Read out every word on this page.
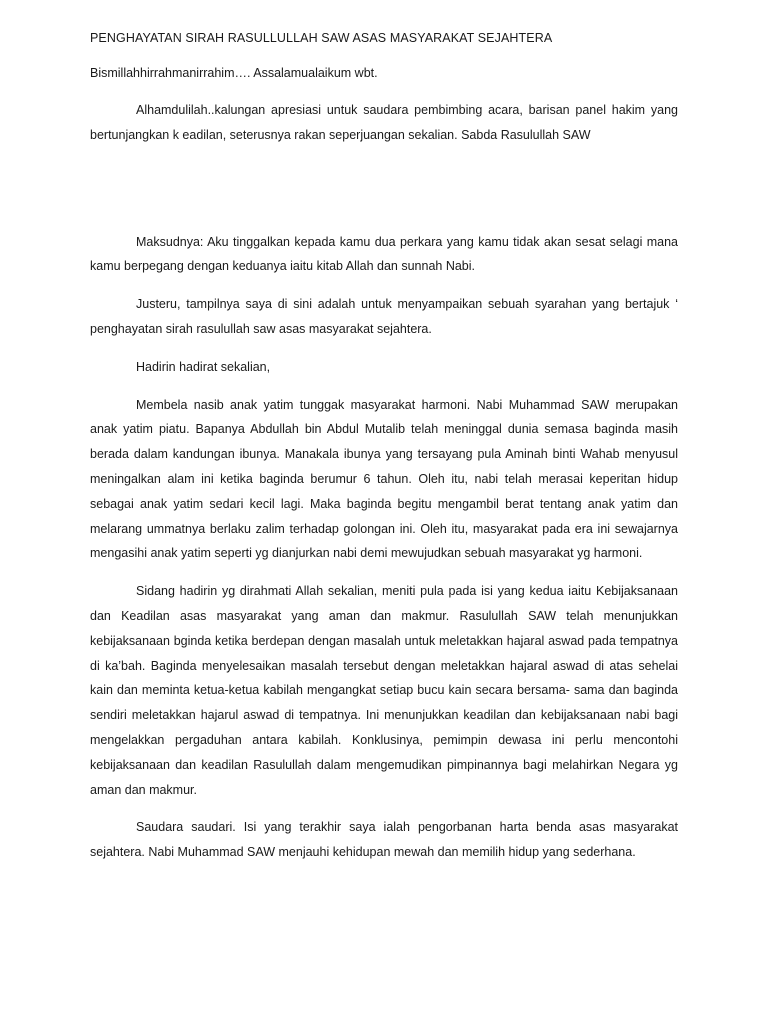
PENGHAYATAN SIRAH RASULLULLAH SAW ASAS MASYARAKAT SEJAHTERA

Bismillahhirrahmanirrahim…. Assalamualaikum wbt.

Alhamdulilah..kalungan apresiasi untuk saudara pembimbing acara, barisan panel hakim yang bertunjangkan k eadilan, seterusnya rakan seperjuangan sekalian. Sabda Rasulullah SAW

Maksudnya: Aku tinggalkan kepada kamu dua perkara yang kamu tidak akan sesat selagi mana kamu berpegang dengan keduanya iaitu kitab Allah dan sunnah Nabi.

Justeru, tampilnya saya di sini adalah untuk menyampaikan sebuah syarahan yang bertajuk ‘ penghayatan sirah rasulullah saw asas masyarakat sejahtera.

Hadirin hadirat sekalian,

Membela nasib anak yatim tunggak masyarakat harmoni. Nabi Muhammad SAW merupakan anak yatim piatu. Bapanya Abdullah bin Abdul Mutalib telah meninggal dunia semasa baginda masih berada dalam kandungan ibunya. Manakala ibunya yang tersayang pula Aminah binti Wahab menyusul meningalkan alam ini ketika baginda berumur 6 tahun. Oleh itu, nabi telah merasai keperitan hidup sebagai anak yatim sedari kecil lagi. Maka baginda begitu mengambil berat tentang anak yatim dan melarang ummatnya berlaku zalim terhadap golongan ini. Oleh itu, masyarakat pada era ini sewajarnya mengasihi anak yatim seperti yg dianjurkan nabi demi mewujudkan sebuah masyarakat yg harmoni.

Sidang hadirin yg dirahmati Allah sekalian, meniti pula pada isi yang kedua iaitu Kebijaksanaan dan Keadilan asas masyarakat yang aman dan makmur. Rasulullah SAW telah menunjukkan kebijaksanaan bginda ketika berdepan dengan masalah untuk meletakkan hajaral aswad pada tempatnya di ka’bah. Baginda menyelesaikan masalah tersebut dengan meletakkan hajaral aswad di atas sehelai kain dan meminta ketua-ketua kabilah mengangkat setiap bucu kain secara bersama- sama dan baginda sendiri meletakkan hajarul aswad di tempatnya. Ini menunjukkan keadilan dan kebijaksanaan nabi bagi mengelakkan pergaduhan antara kabilah. Konklusinya, pemimpin dewasa ini perlu mencontohi kebijaksanaan dan keadilan Rasulullah dalam mengemudikan pimpinannya bagi melahirkan Negara yg aman dan makmur.

Saudara saudari. Isi yang terakhir saya ialah pengorbanan harta benda asas masyarakat sejahtera. Nabi Muhammad SAW menjauhi kehidupan mewah dan memilih hidup yang sederhana.
